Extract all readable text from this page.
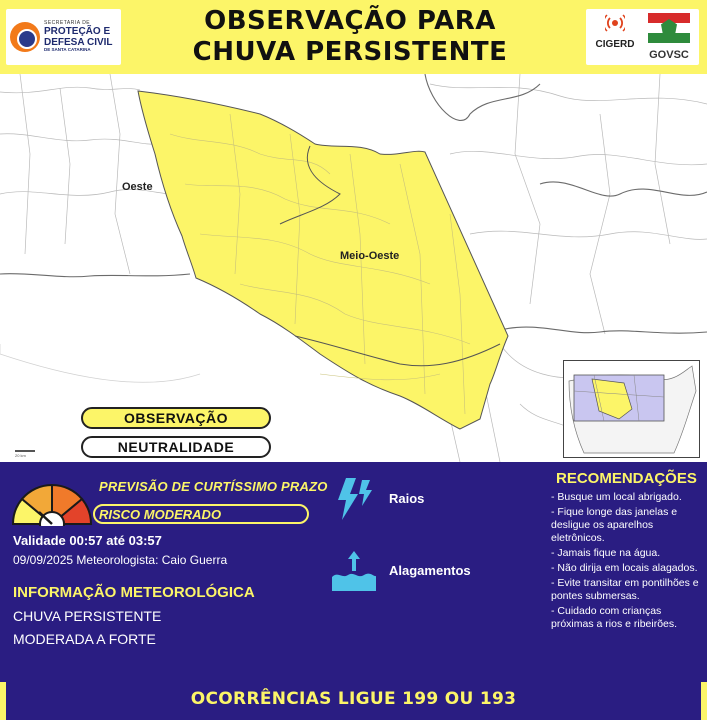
SECRETARIA DE
PROTEÇÃO E
DEFESA CIVIL
DE SANTA CATARINA
OBSERVAÇÃO PARA
CHUVA PERSISTENTE	CIGERD
GOVSC
Oeste
Meio-Oeste
OBSERVAÇÃO
NEUTRALIDADE
20 km
PREVISÃO DE CURTÍSSIMO PRAZO
RISCO MODERADO
Validade 00:57 até 03:57
09/09/2025 Meteorologista: Caio Guerra
INFORMAÇÃO METEOROLÓGICA
CHUVA PERSISTENTE
MODERADA A FORTE
Raios
Alagamentos
RECOMENDAÇÕES
- Busque um local abrigado.
- Fique longe das janelas e desligue os aparelhos eletrônicos.
- Jamais fique na água.
- Não dirija em locais alagados.
- Evite transitar em pontilhões e pontes submersas.
- Cuidado com crianças próximas a rios e ribeirões.
OCORRÊNCIAS LIGUE 199 OU 193
